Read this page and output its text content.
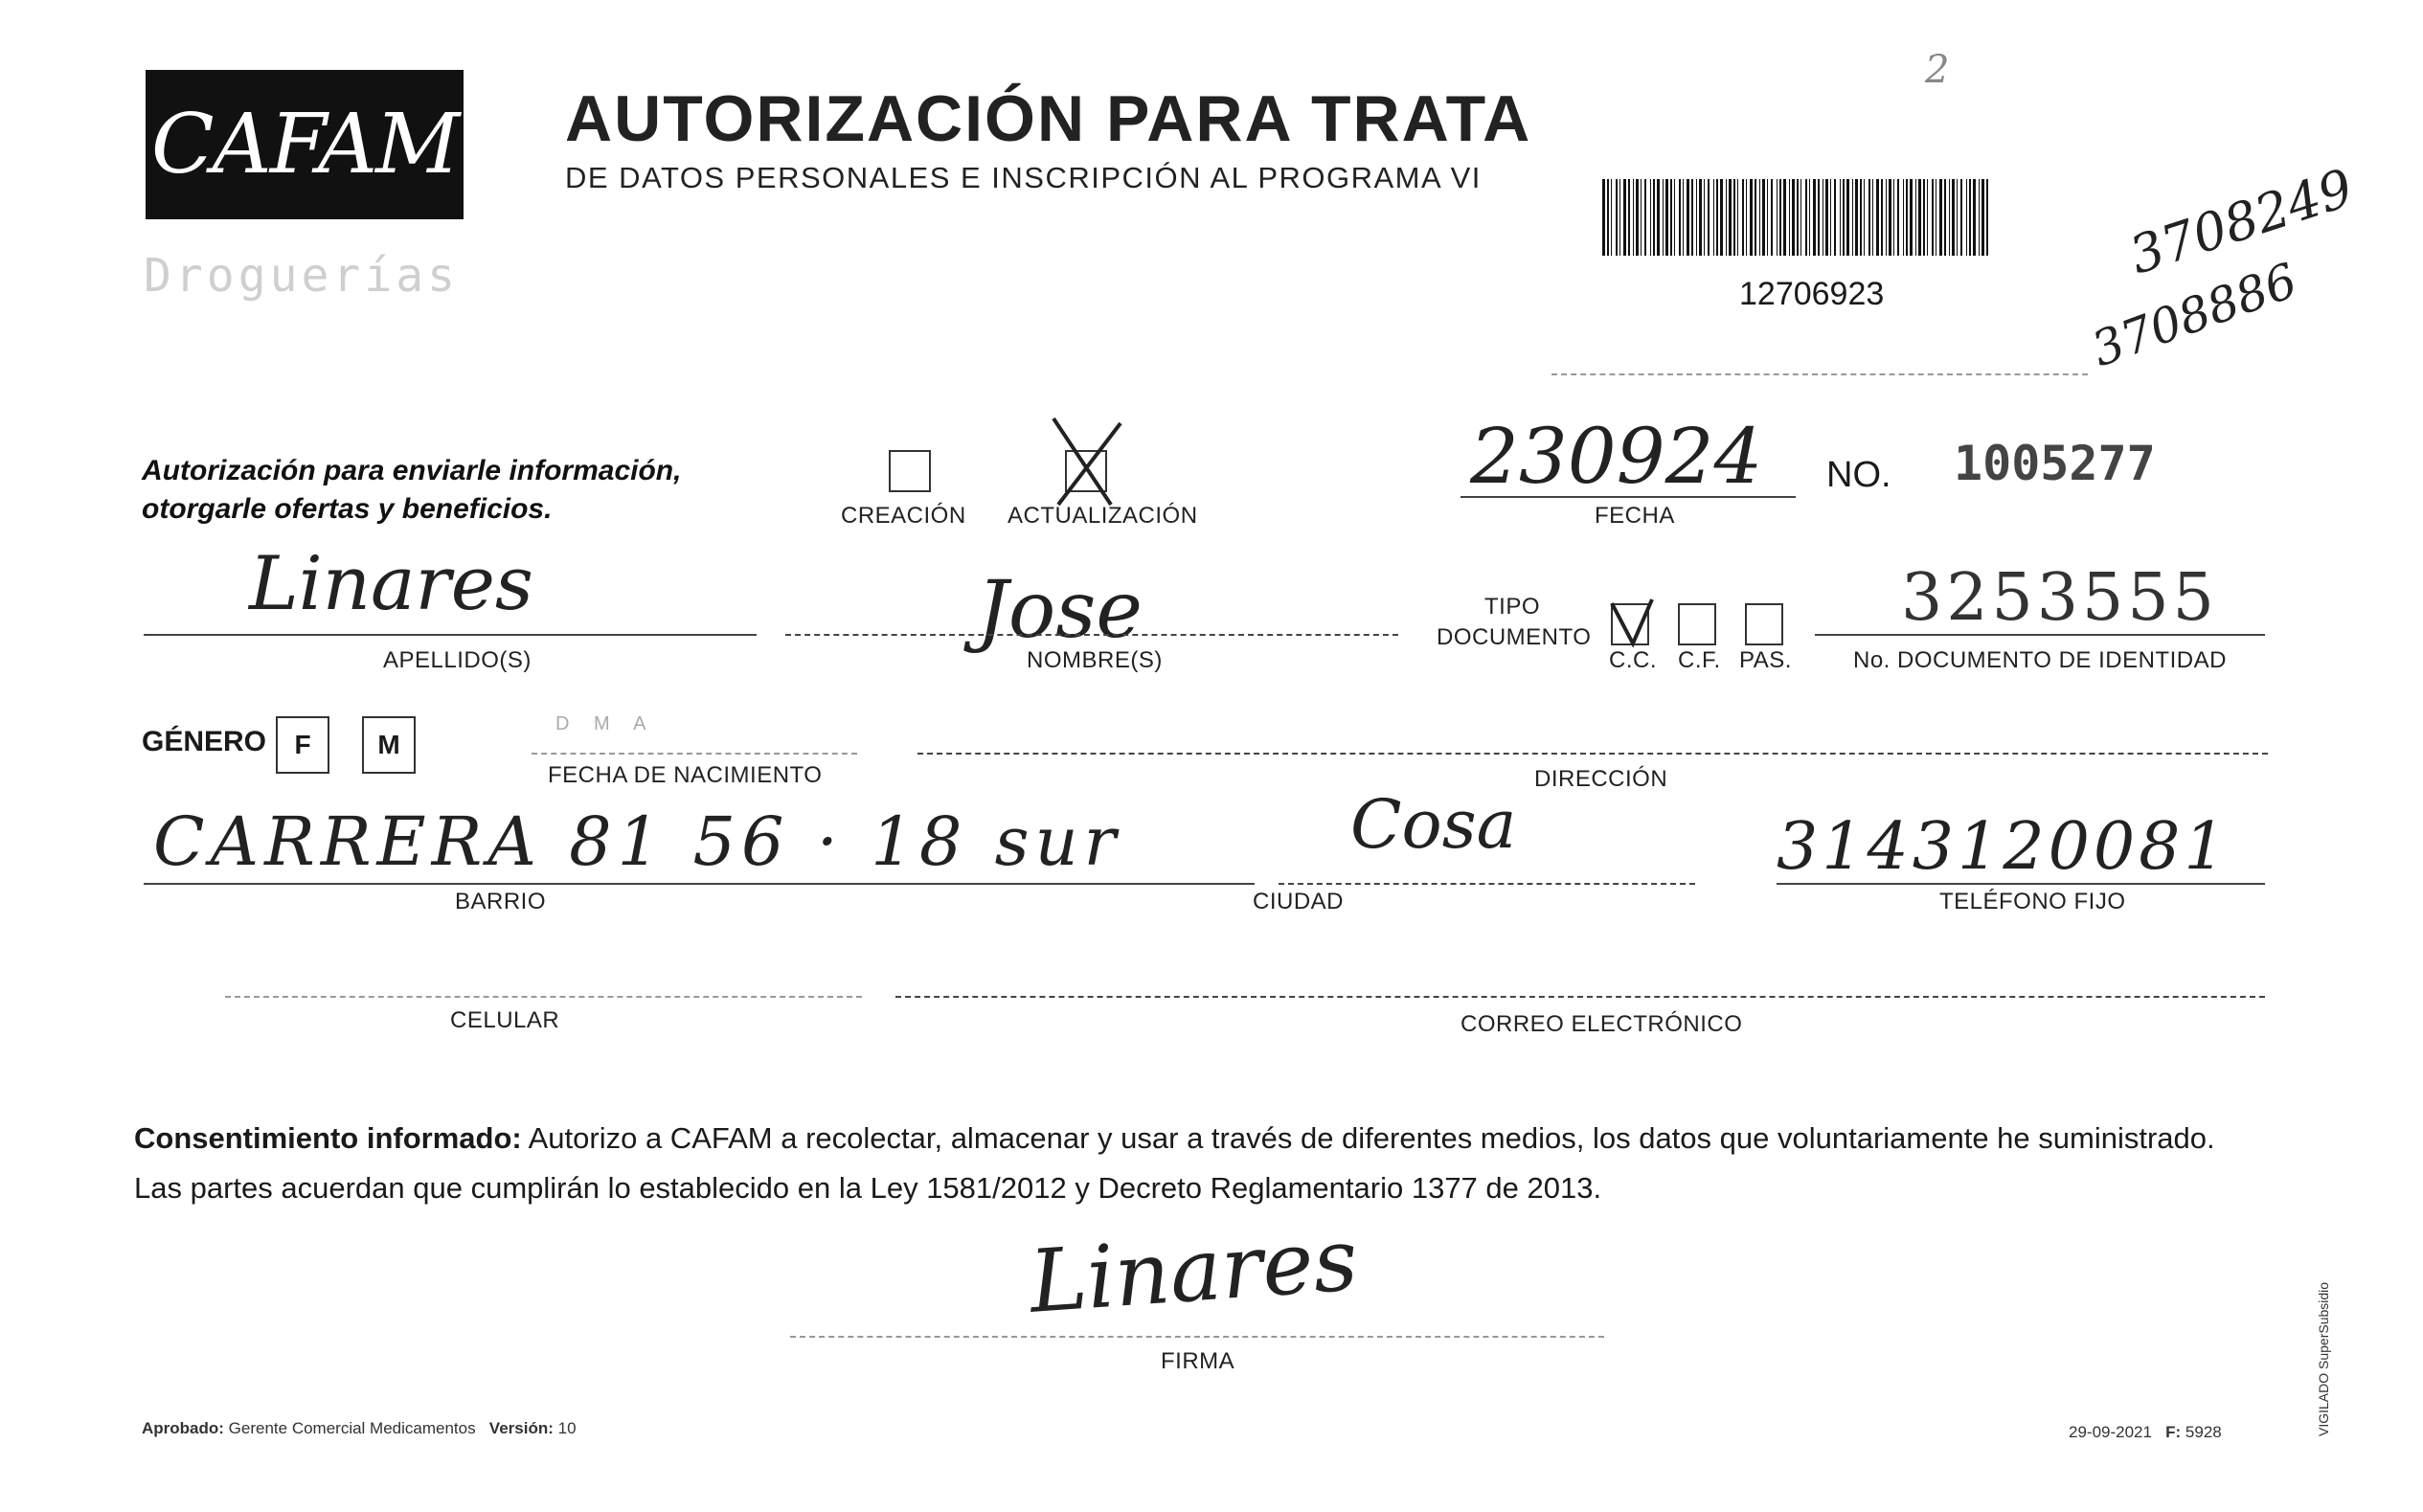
CAFAM
Droguerías
AUTORIZACIÓN PARA TRATA
DE DATOS PERSONALES E INSCRIPCIÓN AL PROGRAMA VI
12706923
2
3708249
3708886
Autorización para enviarle información,
otorgarle ofertas y beneficios.	CREACIÓN ACTUALIZACIÓN
230924
FECHA
NO. 1005277
Linares
APELLIDO(S)
Jose
NOMBRE(S)
TIPO
DOCUMENTO
C.C. C.F. PAS.
3253555
No. DOCUMENTO DE IDENTIDAD
GÉNERO F M
D M A
FECHA DE NACIMIENTO	DIRECCIÓN
CARRERA 81 56 · 18 sur
BARRIO
Cosa
CIUDAD
3143120081
TELÉFONO FIJO
CELULAR	CORREO ELECTRÓNICO
Consentimiento informado: Autorizo a CAFAM a recolectar, almacenar y usar a través de diferentes medios, los datos que voluntariamente he suministrado.
Las partes acuerdan que cumplirán lo establecido en la Ley 1581/2012 y Decreto Reglamentario 1377 de 2013.
Linares
FIRMA
Aprobado: Gerente Comercial Medicamentos Versión: 10	29-09-2021 F: 5928	VIGILADO SuperSubsidio
